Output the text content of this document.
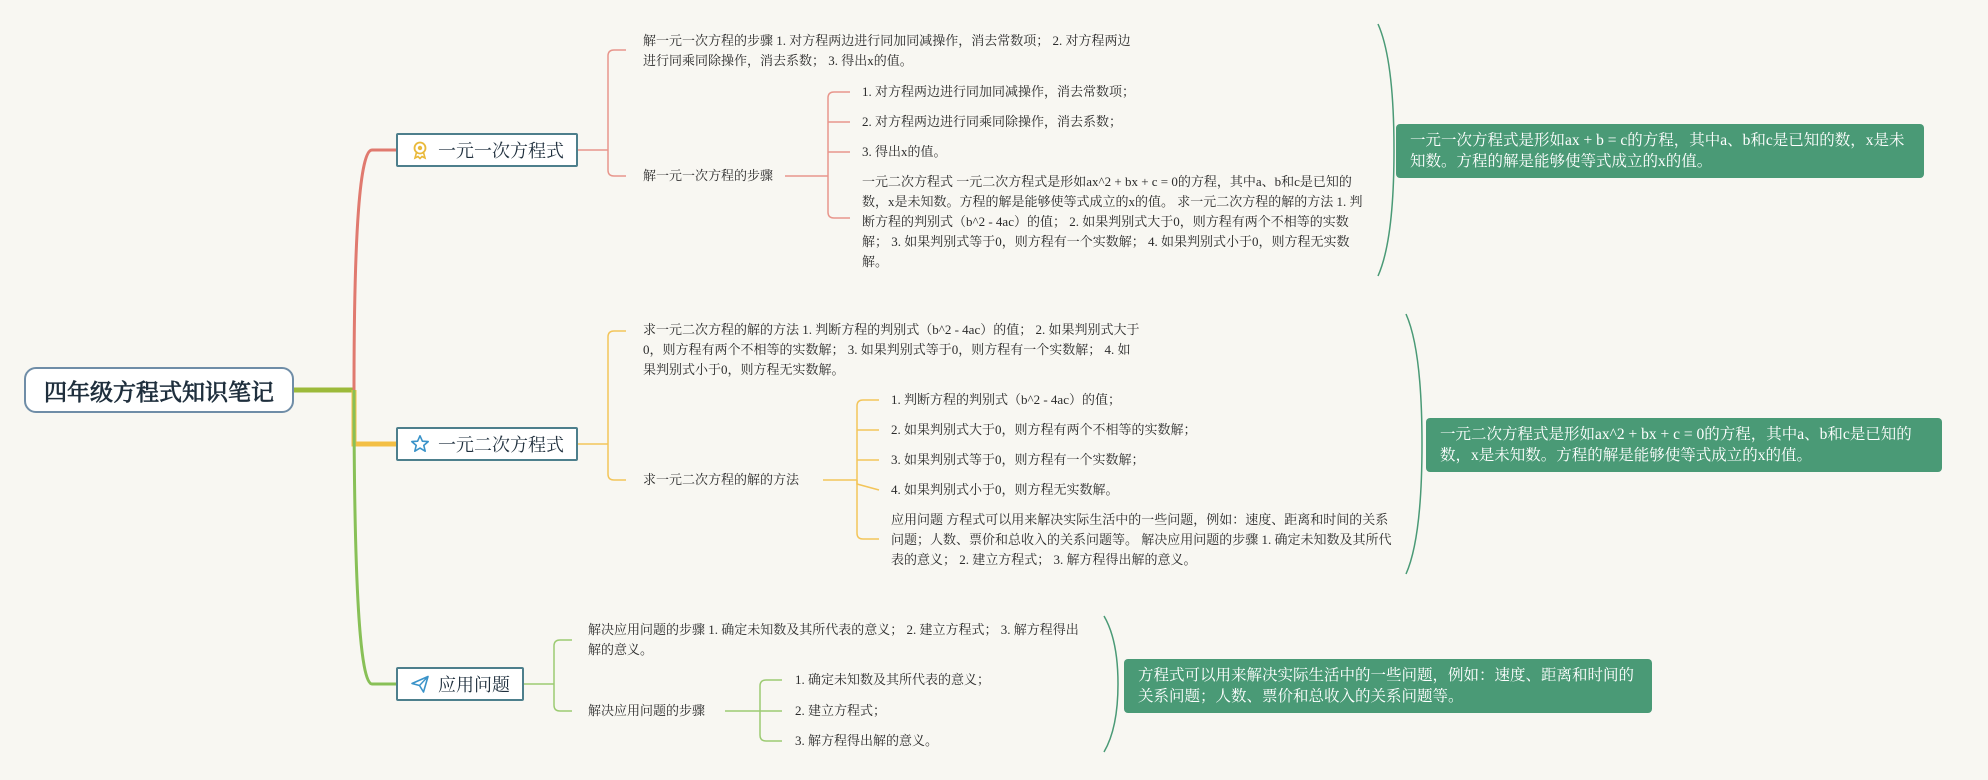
四年级方程式知识笔记
一元一次方程式
解一元一次方程的步骤 1. 对方程两边进行同加同减操作，消去常数项； 2. 对方程两边进行同乘同除操作，消去系数； 3. 得出x的值。
解一元一次方程的步骤
1. 对方程两边进行同加同减操作，消去常数项；
2. 对方程两边进行同乘同除操作，消去系数；
3. 得出x的值。
一元二次方程式 一元二次方程式是形如ax^2 + bx + c = 0的方程，其中a、b和c是已知的数，x是未知数。方程的解是能够使等式成立的x的值。 求一元二次方程的解的方法 1. 判断方程的判别式（b^2 - 4ac）的值； 2. 如果判别式大于0，则方程有两个不相等的实数解； 3. 如果判别式等于0，则方程有一个实数解； 4. 如果判别式小于0，则方程无实数解。
一元一次方程式是形如ax + b = c的方程，其中a、b和c是已知的数，x是未知数。方程的解是能够使等式成立的x的值。
一元二次方程式
求一元二次方程的解的方法 1. 判断方程的判别式（b^2 - 4ac）的值； 2. 如果判别式大于0，则方程有两个不相等的实数解； 3. 如果判别式等于0，则方程有一个实数解； 4. 如果判别式小于0，则方程无实数解。
求一元二次方程的解的方法
1. 判断方程的判别式（b^2 - 4ac）的值；
2. 如果判别式大于0，则方程有两个不相等的实数解；
3. 如果判别式等于0，则方程有一个实数解；
4. 如果判别式小于0，则方程无实数解。
应用问题 方程式可以用来解决实际生活中的一些问题，例如：速度、距离和时间的关系问题；人数、票价和总收入的关系问题等。 解决应用问题的步骤 1. 确定未知数及其所代表的意义； 2. 建立方程式； 3. 解方程得出解的意义。
一元二次方程式是形如ax^2 + bx + c = 0的方程，其中a、b和c是已知的数，x是未知数。方程的解是能够使等式成立的x的值。
应用问题
解决应用问题的步骤 1. 确定未知数及其所代表的意义； 2. 建立方程式； 3. 解方程得出解的意义。
解决应用问题的步骤
1. 确定未知数及其所代表的意义；
2. 建立方程式；
3. 解方程得出解的意义。
方程式可以用来解决实际生活中的一些问题，例如：速度、距离和时间的关系问题；人数、票价和总收入的关系问题等。
